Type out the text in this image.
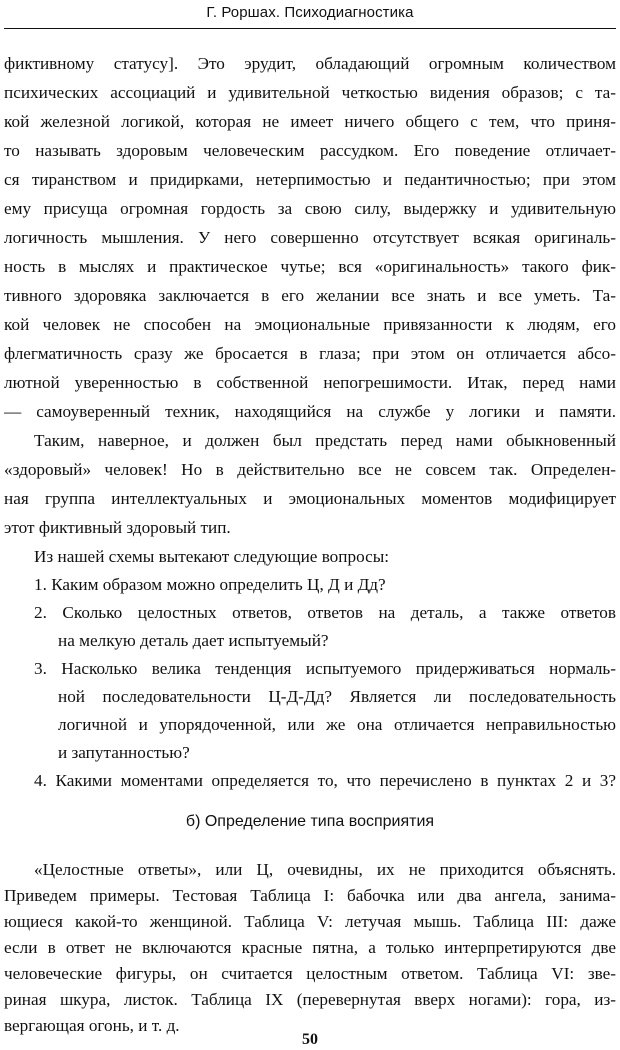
Г. Роршах. Психодиагностика
фиктивному статусу]. Это эрудит, обладающий огромным количеством
психических ассоциаций и удивительной четкостью видения образов; с та-
кой железной логикой, которая не имеет ничего общего с тем, что приня-
то называть здоровым человеческим рассудком. Его поведение отличает-
ся тиранством и придирками, нетерпимостью и педантичностью; при этом
ему присуща огромная гордость за свою силу, выдержку и удивительную
логичность мышления. У него совершенно отсутствует всякая оригиналь-
ность в мыслях и практическое чутье; вся «оригинальность» такого фик-
тивного здоровяка заключается в его желании все знать и все уметь. Та-
кой человек не способен на эмоциональные привязанности к людям, его
флегматичность сразу же бросается в глаза; при этом он отличается абсо-
лютной уверенностью в собственной непогрешимости. Итак, перед нами
— самоуверенный техник, находящийся на службе у логики и памяти.
Таким, наверное, и должен был предстать перед нами обыкновенный
«здоровый» человек! Но в действительно все не совсем так. Определен-
ная группа интеллектуальных и эмоциональных моментов модифицирует
этот фиктивный здоровый тип.
Из нашей схемы вытекают следующие вопросы:
1. Каким образом можно определить Ц, Д и Дд?
2. Сколько целостных ответов, ответов на деталь, а также ответов
на мелкую деталь дает испытуемый?
3. Насколько велика тенденция испытуемого придерживаться нормаль-
ной последовательности Ц-Д-Дд? Является ли последовательность
логичной и упорядоченной, или же она отличается неправильностью
и запутанностью?
4. Какими моментами определяется то, что перечислено в пунктах 2 и 3?
б) Определение типа восприятия
«Целостные ответы», или Ц, очевидны, их не приходится объяснять.
Приведем примеры. Тестовая Таблица I: бабочка или два ангела, занима-
ющиеся какой-то женщиной. Таблица V: летучая мышь. Таблица III: даже
если в ответ не включаются красные пятна, а только интерпретируются две
человеческие фигуры, он считается целостным ответом. Таблица VI: зве-
риная шкура, листок. Таблица IX (перевернутая вверх ногами): гора, из-
вергающая огонь, и т. д.
50
